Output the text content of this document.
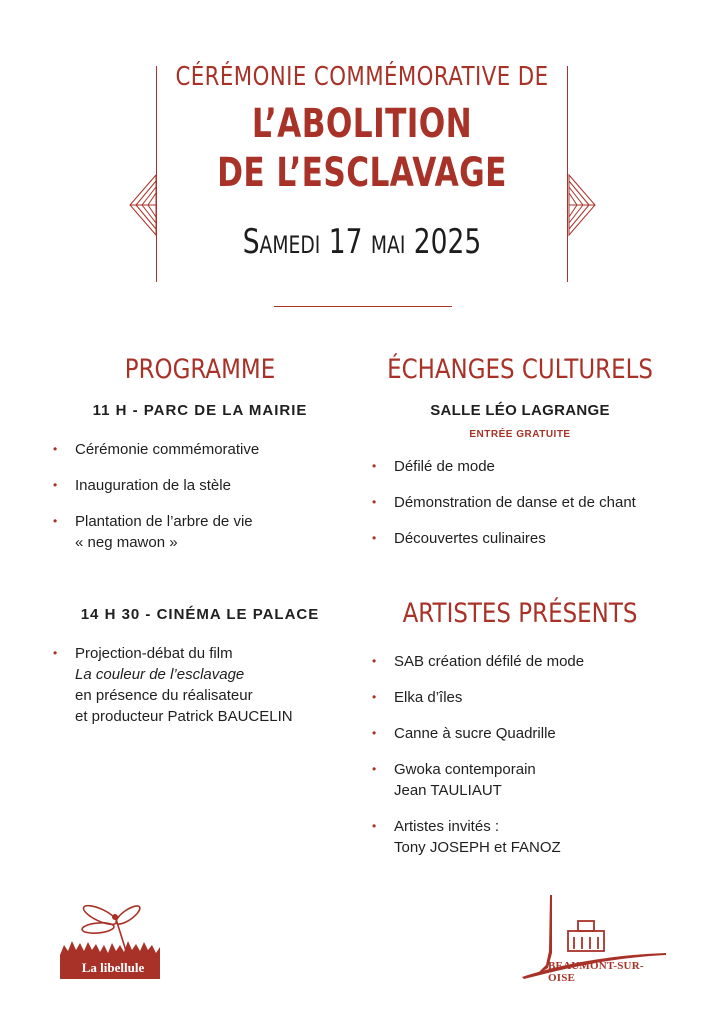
CÉRÉMONIE COMMÉMORATIVE DE
L’ABOLITION
DE L’ESCLAVAGE
Samedi 17 mai 2025
PROGRAMME
11 H - PARC DE LA MAIRIE
• Cérémonie commémorative
• Inauguration de la stèle
• Plantation de l’arbre de vie
« neg mawon »
14 H 30 - CINÉMA LE PALACE
• Projection-débat du film
La couleur de l’esclavage
en présence du réalisateur
et producteur Patrick BAUCELIN
ÉCHANGES CULTURELS
SALLE LÉO LAGRANGE
ENTRÉE GRATUITE
• Défilé de mode
• Démonstration de danse et de chant
• Découvertes culinaires
ARTISTES PRÉSENTS
• SAB création défilé de mode
• Elka d’îles
• Canne à sucre Quadrille
• Gwoka contemporain
Jean TAULIAUT
• Artistes invités :
Tony JOSEPH et FANOZ
La libellule	BEAUMONT-SUR-OISE
